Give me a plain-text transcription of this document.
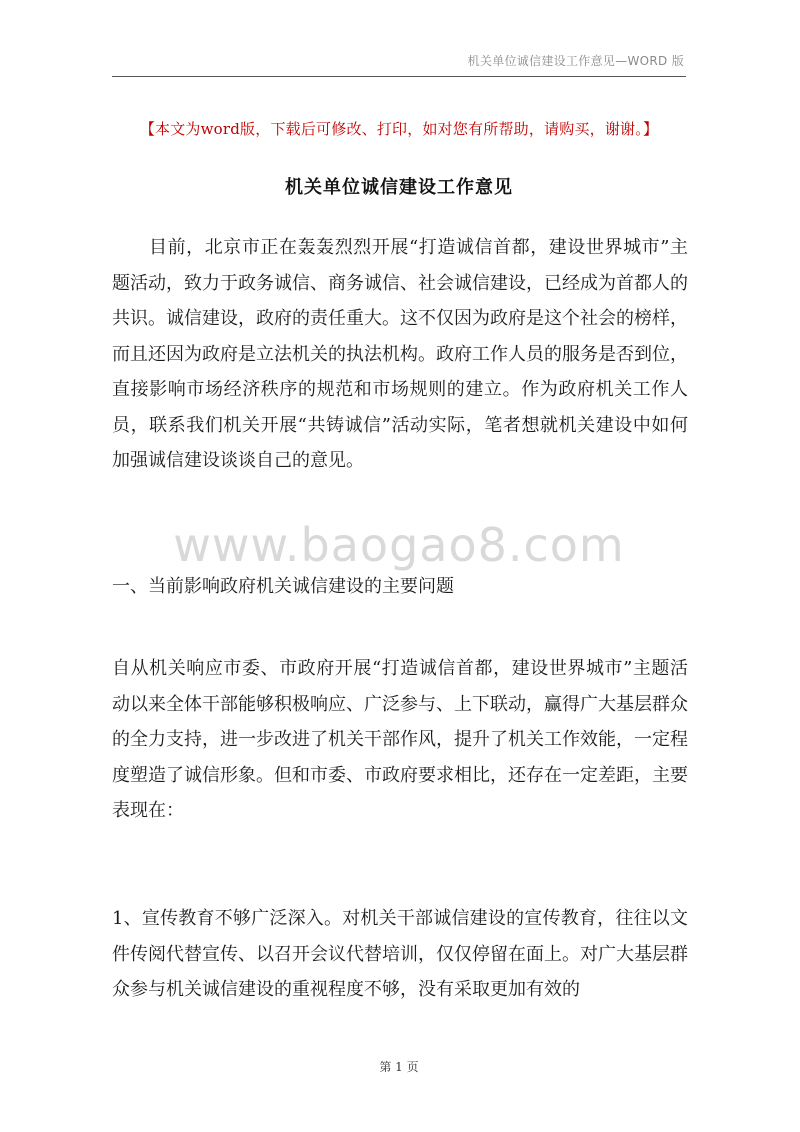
机关单位诚信建设工作意见—WORD 版
【本文为word版，下载后可修改、打印，如对您有所帮助，请购买，谢谢。】
机关单位诚信建设工作意见

目前，北京市正在轰轰烈烈开展“打造诚信首都，建设世界城市”主题活动，致力于政务诚信、商务诚信、社会诚信建设，已经成为首都人的共识。诚信建设，政府的责任重大。这不仅因为政府是这个社会的榜样，而且还因为政府是立法机关的执法机构。政府工作人员的服务是否到位，直接影响市场经济秩序的规范和市场规则的建立。作为政府机关工作人员，联系我们机关开展“共铸诚信”活动实际，笔者想就机关建设中如何加强诚信建设谈谈自己的意见。

www.baogao8.com

一、当前影响政府机关诚信建设的主要问题

自从机关响应市委、市政府开展“打造诚信首都，建设世界城市”主题活动以来全体干部能够积极响应、广泛参与、上下联动，赢得广大基层群众的全力支持，进一步改进了机关干部作风，提升了机关工作效能，一定程度塑造了诚信形象。但和市委、市政府要求相比，还存在一定差距，主要表现在：

1、宣传教育不够广泛深入。对机关干部诚信建设的宣传教育，往往以文件传阅代替宣传、以召开会议代替培训，仅仅停留在面上。对广大基层群众参与机关诚信建设的重视程度不够，没有采取更加有效的

第 1 页
